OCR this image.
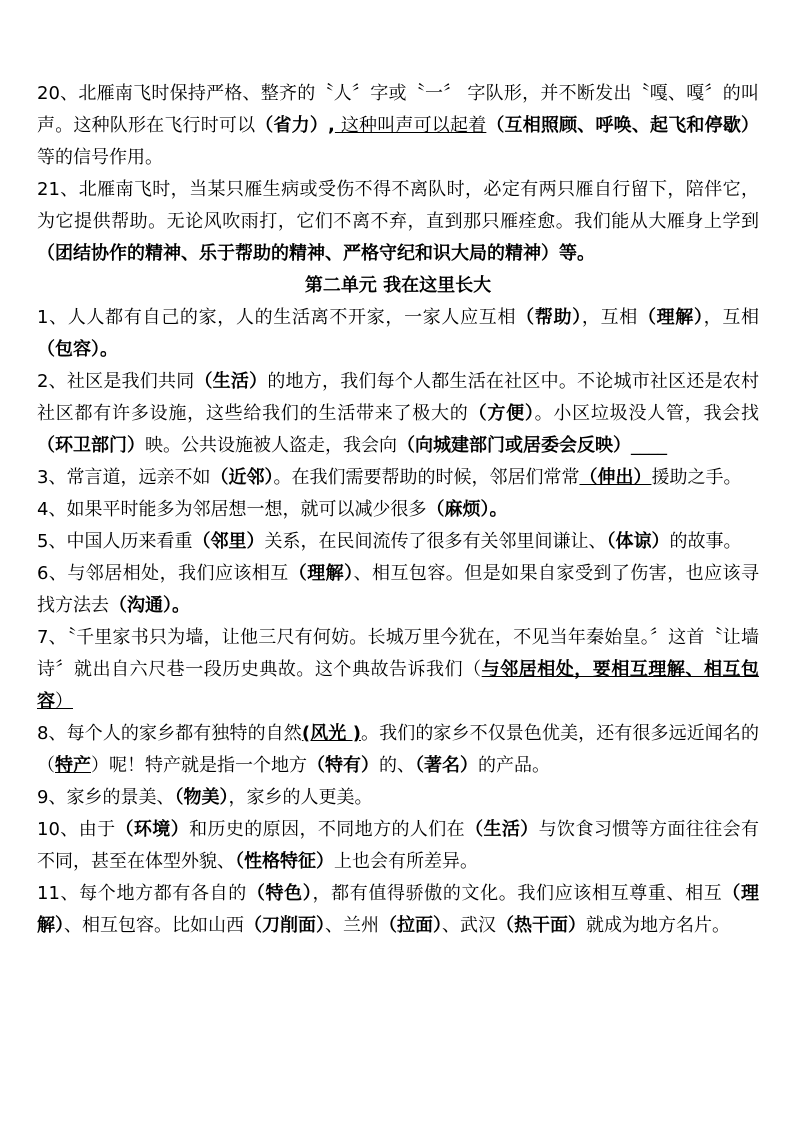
20、北雁南飞时保持严格、整齐的〝人〞字或〝一〞 字队形，并不断发出〝嘎、嘎〞的叫声。这种队形在飞行时可以（省力）, 这种叫声可以起着（互相照顾、呼唤、起飞和停歇）等的信号作用。

21、北雁南飞时，当某只雁生病或受伤不得不离队时，必定有两只雁自行留下，陪伴它，为它提供帮助。无论风吹雨打，它们不离不弃，直到那只雁痊愈。我们能从大雁身上学到（团结协作的精神、乐于帮助的精神、严格守纪和识大局的精神）等。

第二单元 我在这里长大

1、人人都有自己的家，人的生活离不开家，一家人应互相（帮助），互相（理解），互相（包容）。

2、社区是我们共同（生活）的地方，我们每个人都生活在社区中。不论城市社区还是农村社区都有许多设施，这些给我们的生活带来了极大的（方便）。小区垃圾没人管，我会找（环卫部门）映。公共设施被人盗走，我会向（向城建部门或居委会反映）____

3、常言道，远亲不如（近邻）。在我们需要帮助的时候，邻居们常常（伸出）援助之手。

4、如果平时能多为邻居想一想，就可以减少很多（麻烦）。

5、中国人历来看重（邻里）关系，在民间流传了很多有关邻里间谦让、（体谅）的故事。

6、与邻居相处，我们应该相互（理解）、相互包容。但是如果自家受到了伤害，也应该寻找方法去（沟通）。

7、〝千里家书只为墙，让他三尺有何妨。长城万里今犹在，不见当年秦始皇。〞这首〝让墙诗〞就出自六尺巷一段历史典故。这个典故告诉我们（与邻居相处，要相互理解、相互包容）

8、每个人的家乡都有独特的自然(风光 )。我们的家乡不仅景色优美，还有很多远近闻名的（特产）呢！特产就是指一个地方（特有）的、（著名）的产品。

9、家乡的景美、（物美），家乡的人更美。

10、由于（环境）和历史的原因，不同地方的人们在（生活）与饮食习惯等方面往往会有不同，甚至在体型外貌、（性格特征）上也会有所差异。

11、每个地方都有各自的（特色），都有值得骄傲的文化。我们应该相互尊重、相互（理解）、相互包容。比如山西（刀削面）、兰州（拉面）、武汉（热干面）就成为地方名片。
